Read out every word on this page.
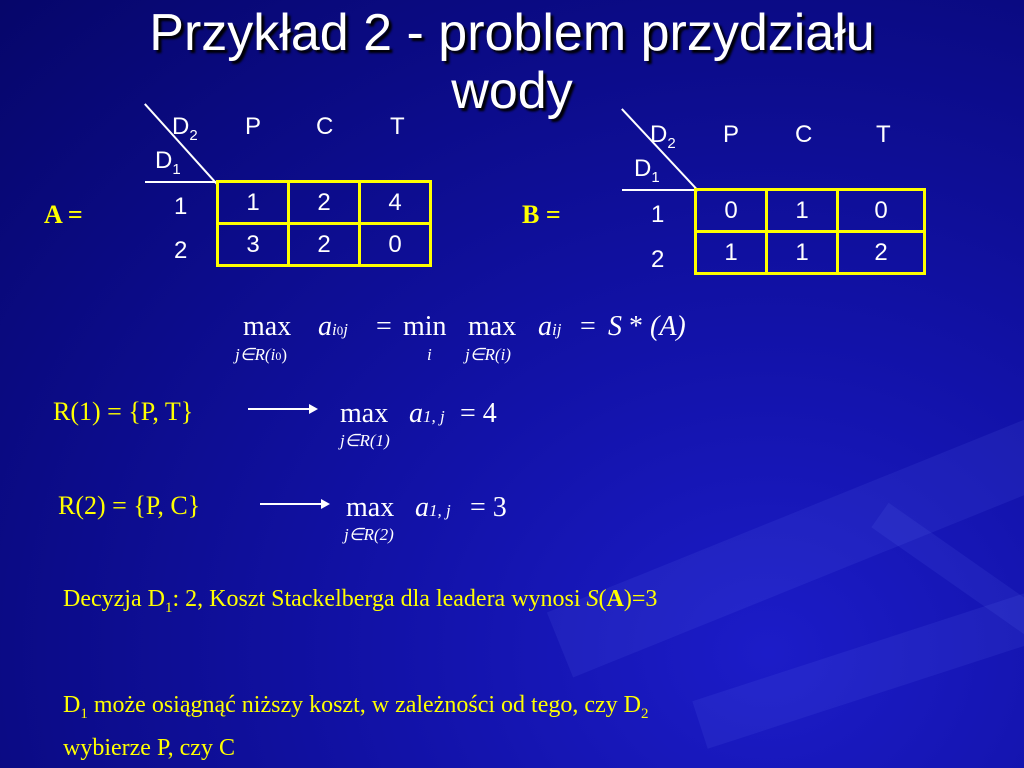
Przykład 2 - problem przydziału
wody
A =
$D_2$
$D_1$
P C T
1
2
1	2	4
3	2	0
B =
$D_2$
$D_1$
P C	T
1
2
0	1	0
1	1	2
max ai0j = min max aij = S * (A)
j∈R(i0)	i j∈R(i)
R(1) = {P, T}	max a1, j = 4
j∈R(1)
R(2) = {P, C}	max a1, j = 3
j∈R(2)
Decyzja $D_1$: 2, Koszt Stackelberga dla leadera wynosi S(A)=3
$D_1$ może osiągnąć niższy koszt, w zależności od tego, czy $D_2$
wybierze P, czy C
